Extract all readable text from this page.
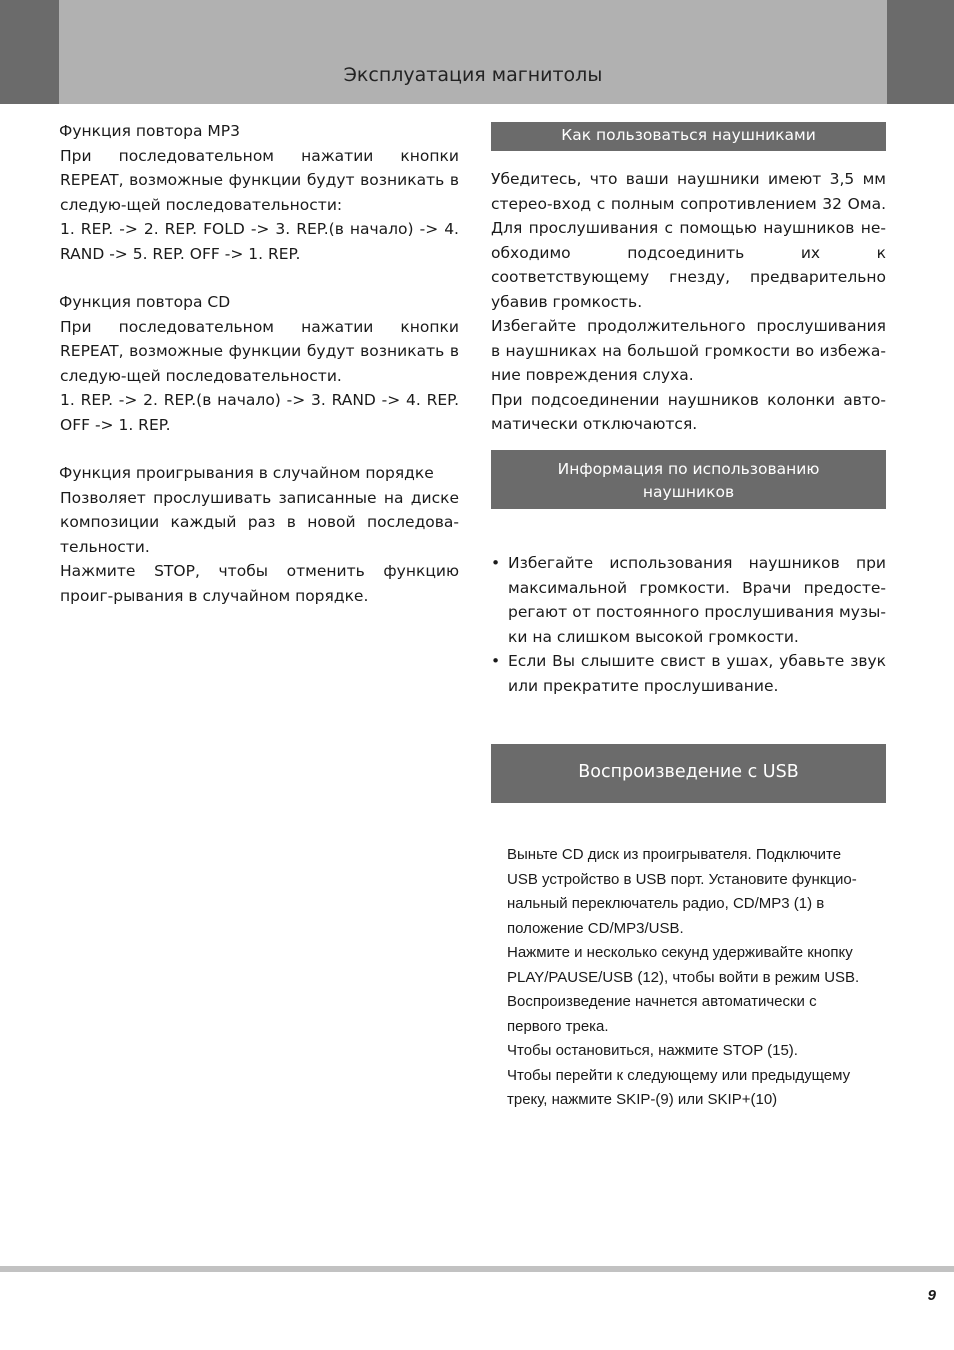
Эксплуатация магнитолы
Функция повтора MP3
При последовательном нажатии кнопки REPEAT, возможные функции будут возникать в следую-щей последовательности:
1. REP. -> 2. REP. FOLD -> 3. REP.(в начало) -> 4. RAND -> 5. REP. OFF -> 1. REP.
Функция повтора CD
При последовательном нажатии кнопки REPEAT, возможные функции будут возникать в следую-щей последовательности.
1. REP. -> 2. REP.(в начало) -> 3. RAND -> 4. REP. OFF -> 1. REP.
Функция проигрывания в случайном порядке
Позволяет прослушивать записанные на диске композиции каждый раз в новой последова-тельности.
Нажмите STOP, чтобы отменить функцию проиг-рывания в случайном порядке.
Как пользоваться наушниками
Убедитесь, что ваши наушники имеют 3,5 мм стерео-вход с полным сопротивлением 32 Ома. Для прослушивания с помощью наушников не-обходимо подсоединить их к соответствующему гнезду, предварительно убавив громкость.
Избегайте продолжительного прослушивания в наушниках на большой громкости во избежа-ние повреждения слуха.
При подсоединении наушников колонки авто-матически отключаются.
Информация по использованию
наушников
• Избегайте использования наушников при максимальной громкости. Врачи предосте-регают от постоянного прослушивания музы-ки на слишком высокой громкости.
• Если Вы слышите свист в ушах, убавьте звук или прекратите прослушивание.
Воспроизведение с USB
Выньте CD диск из проигрывателя. Подключите
USB устройство в USB порт. Установите функцио-
нальный переключатель радио, CD/MP3 (1) в
положение CD/MP3/USB.
Нажмите и несколько секунд удерживайте кнопку
PLAY/PAUSE/USB (12), чтобы войти в режим USB.
Воспроизведение начнется автоматически с
первого трека.
Чтобы остановиться, нажмите STOP (15).
Чтобы перейти к следующему или предыдущему
треку, нажмите SKIP-(9) или SKIP+(10)
9
